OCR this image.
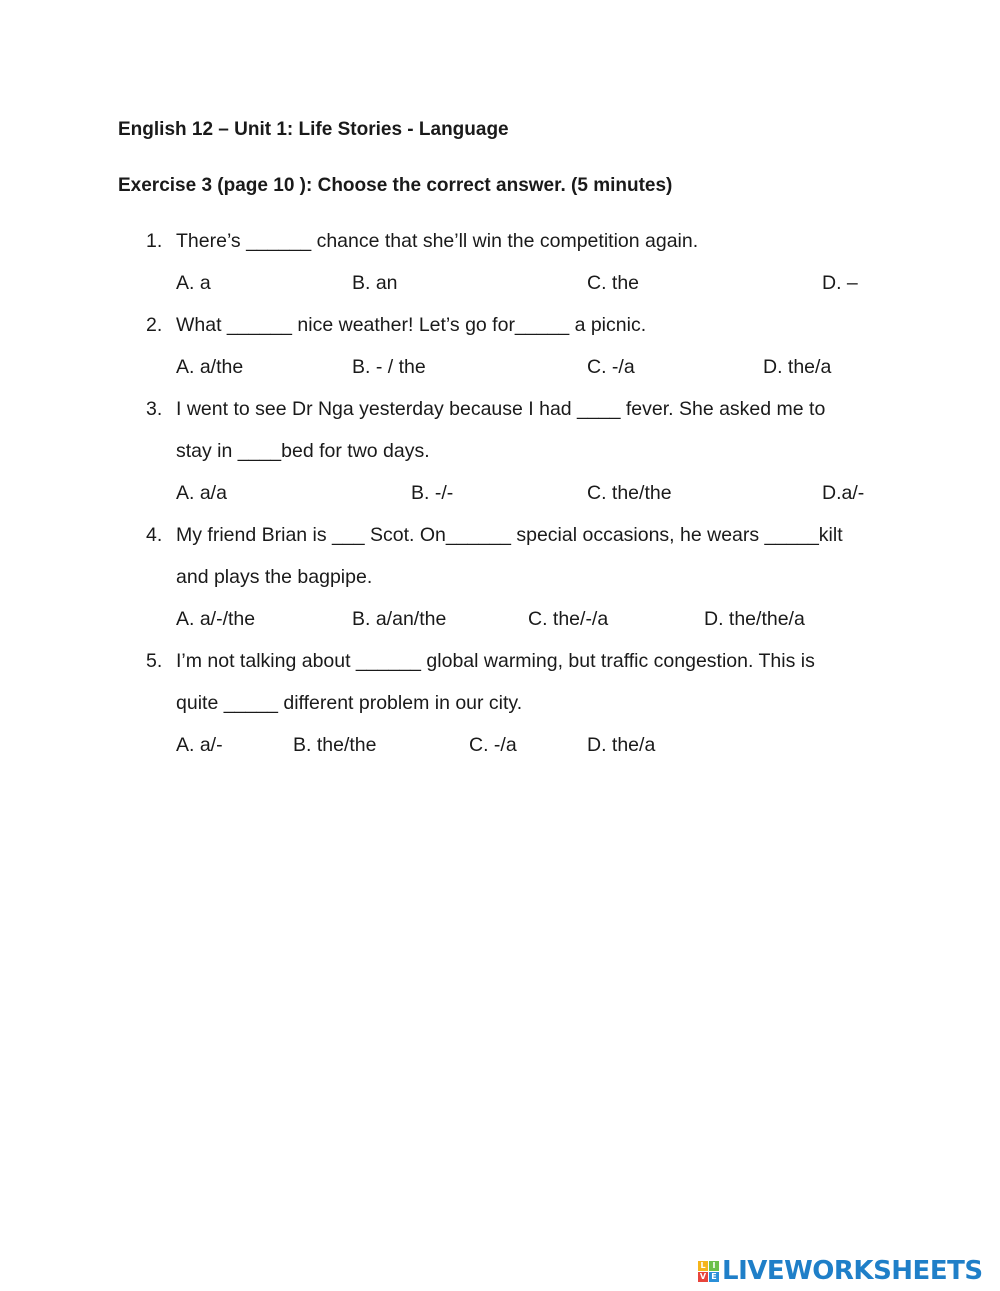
English 12 – Unit 1: Life Stories - Language
Exercise 3 (page 10 ): Choose the correct answer. (5 minutes)
1. There’s ______ chance that she’ll win the competition again.
A. a	B. an	C. the	D. –
2. What ______ nice weather! Let’s go for_____ a picnic.
A. a/the	B. - / the	C. -/a	D. the/a
3. I went to see Dr Nga yesterday because I had ____ fever. She asked me to
stay in ____bed for two days.
A. a/a	B. -/-	C. the/the	D.a/-
4. My friend Brian is ___ Scot. On______ special occasions, he wears _____kilt
and plays the bagpipe.
A. a/-/the	B. a/an/the	C. the/-/a	D. the/the/a
5. I’m not talking about ______ global warming, but traffic congestion. This is
quite _____ different problem in our city.
A. a/-	B. the/the	C. -/a	D. the/a
L I
V E LIVEWORKSHEETS
